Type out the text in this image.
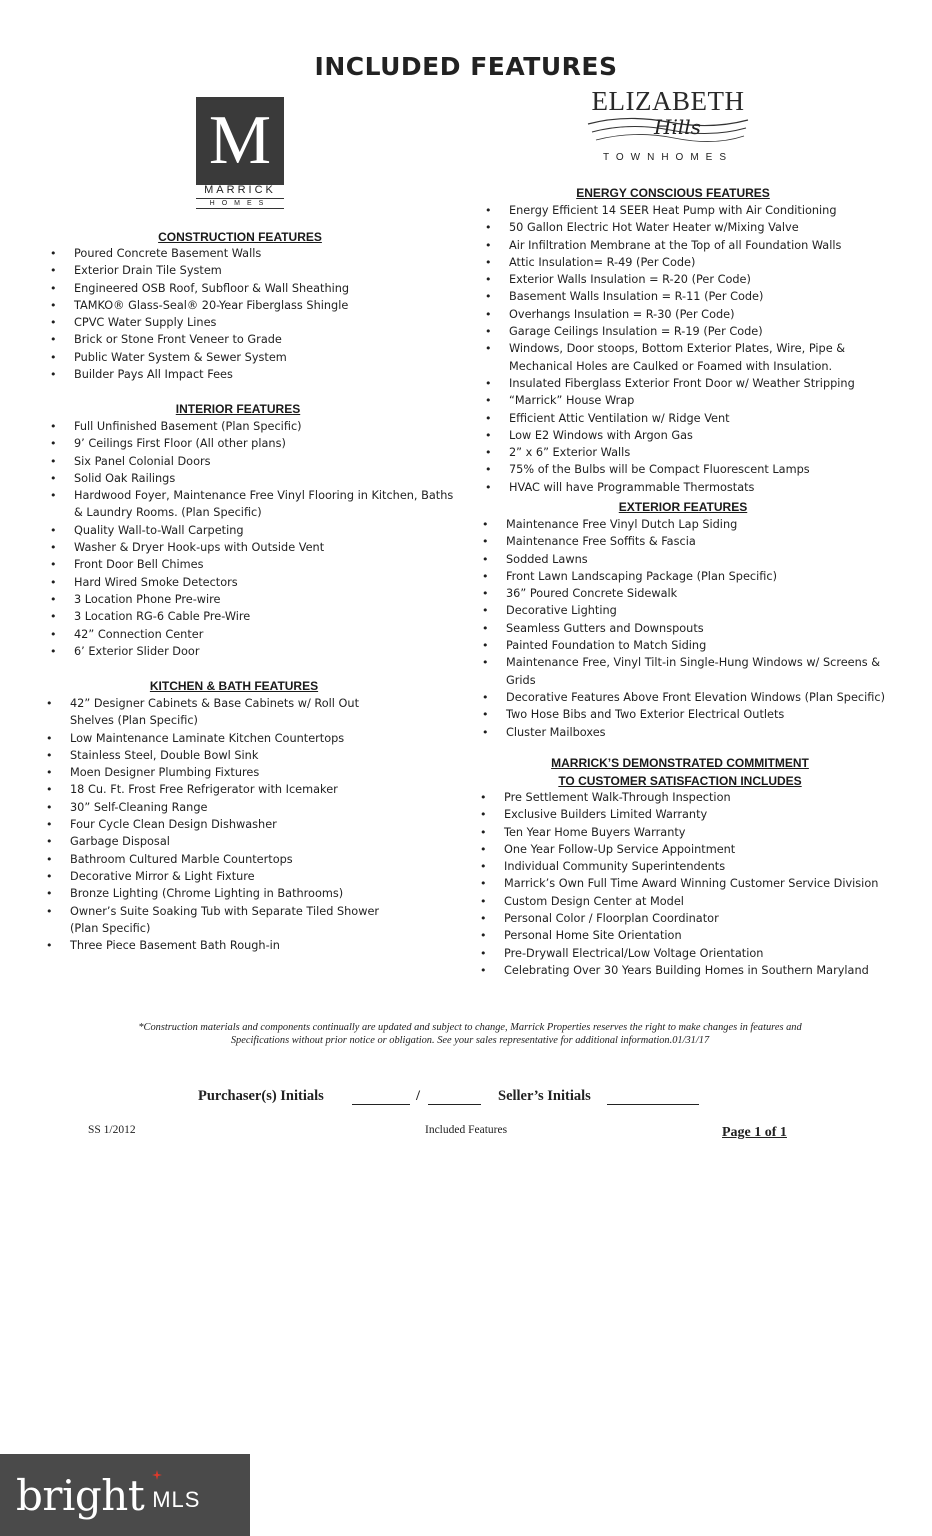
INCLUDED FEATURES
M
MARRICK
HOMES
ELIZABETH
Hills
TOWNHOMES
CONSTRUCTION FEATURES
• Poured Concrete Basement Walls
• Exterior Drain Tile System
• Engineered OSB Roof, Subfloor & Wall Sheathing
• TAMKO® Glass-Seal® 20-Year Fiberglass Shingle
• CPVC Water Supply Lines
• Brick or Stone Front Veneer to Grade
• Public Water System & Sewer System
• Builder Pays All Impact Fees
INTERIOR FEATURES
• Full Unfinished Basement (Plan Specific)
• 9’ Ceilings First Floor (All other plans)
• Six Panel Colonial Doors
• Solid Oak Railings
• Hardwood Foyer, Maintenance Free Vinyl Flooring in Kitchen, Baths & Laundry Rooms. (Plan Specific)
• Quality Wall-to-Wall Carpeting
• Washer & Dryer Hook-ups with Outside Vent
• Front Door Bell Chimes
• Hard Wired Smoke Detectors
• 3 Location Phone Pre-wire
• 3 Location RG-6 Cable Pre-Wire
• 42” Connection Center
• 6’ Exterior Slider Door
KITCHEN & BATH FEATURES
• 42” Designer Cabinets & Base Cabinets w/ Roll Out Shelves (Plan Specific)
• Low Maintenance Laminate Kitchen Countertops
• Stainless Steel, Double Bowl Sink
• Moen Designer Plumbing Fixtures
• 18 Cu. Ft. Frost Free Refrigerator with Icemaker
• 30” Self-Cleaning Range
• Four Cycle Clean Design Dishwasher
• Garbage Disposal
• Bathroom Cultured Marble Countertops
• Decorative Mirror & Light Fixture
• Bronze Lighting (Chrome Lighting in Bathrooms)
• Owner’s Suite Soaking Tub with Separate Tiled Shower (Plan Specific)
• Three Piece Basement Bath Rough-in
ENERGY CONSCIOUS FEATURES
• Energy Efficient 14 SEER Heat Pump with Air Conditioning
• 50 Gallon Electric Hot Water Heater w/Mixing Valve
• Air Infiltration Membrane at the Top of all Foundation Walls
• Attic Insulation= R-49 (Per Code)
• Exterior Walls Insulation = R-20 (Per Code)
• Basement Walls Insulation = R-11 (Per Code)
• Overhangs Insulation = R-30 (Per Code)
• Garage Ceilings Insulation = R-19 (Per Code)
• Windows, Door stoops, Bottom Exterior Plates, Wire, Pipe & Mechanical Holes are Caulked or Foamed with Insulation.
• Insulated Fiberglass Exterior Front Door w/ Weather Stripping
• “Marrick” House Wrap
• Efficient Attic Ventilation w/ Ridge Vent
• Low E2 Windows with Argon Gas
• 2” x 6” Exterior Walls
• 75% of the Bulbs will be Compact Fluorescent Lamps
• HVAC will have Programmable Thermostats
EXTERIOR FEATURES
• Maintenance Free Vinyl Dutch Lap Siding
• Maintenance Free Soffits & Fascia
• Sodded Lawns
• Front Lawn Landscaping Package (Plan Specific)
• 36” Poured Concrete Sidewalk
• Decorative Lighting
• Seamless Gutters and Downspouts
• Painted Foundation to Match Siding
• Maintenance Free, Vinyl Tilt-in Single-Hung Windows w/ Screens & Grids
• Decorative Features Above Front Elevation Windows (Plan Specific)
• Two Hose Bibs and Two Exterior Electrical Outlets
• Cluster Mailboxes
MARRICK’S DEMONSTRATED COMMITMENT
TO CUSTOMER SATISFACTION INCLUDES
• Pre Settlement Walk-Through Inspection
• Exclusive Builders Limited Warranty
• Ten Year Home Buyers Warranty
• One Year Follow-Up Service Appointment
• Individual Community Superintendents
• Marrick’s Own Full Time Award Winning Customer Service Division
• Custom Design Center at Model
• Personal Color / Floorplan Coordinator
• Personal Home Site Orientation
• Pre-Drywall Electrical/Low Voltage Orientation
• Celebrating Over 30 Years Building Homes in Southern Maryland
*Construction materials and components continually are updated and subject to change, Marrick Properties reserves the right to make changes in features and
Specifications without prior notice or obligation. See your sales representative for additional information.01/31/17
Purchaser(s) Initials	/	Seller’s Initials
SS 1/2012	Included Features	Page 1 of 1
bright MLS
